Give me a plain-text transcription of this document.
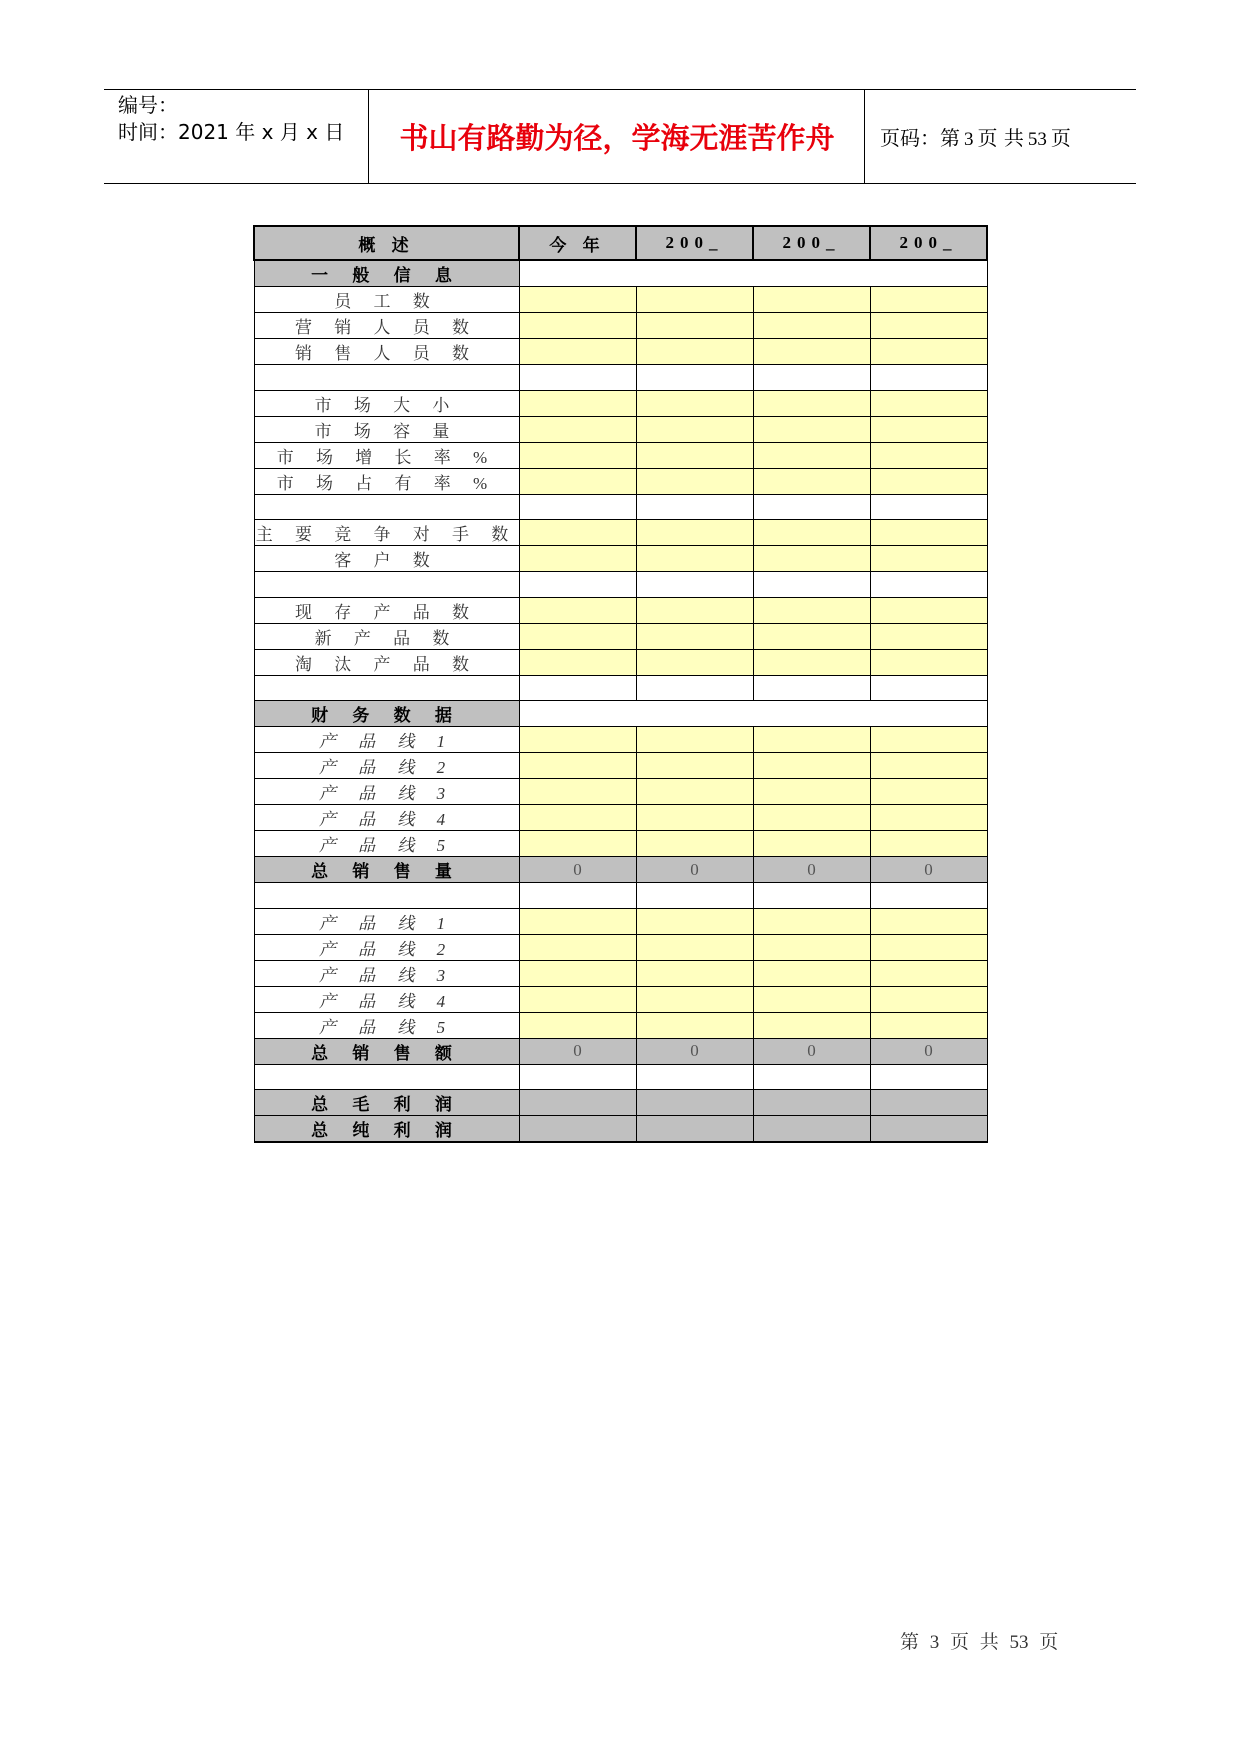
编号：
时间：2021 年 x 月 x 日	书山有路勤为径，学海无涯苦作舟	页码：第 3 页 共 53 页
概 述	今 年	200_	200_	200_
一 般 信 息				
员 工 数				
营 销 人 员 数				
销 售 人 员 数				

市 场 大 小				
市 场 容 量				
市 场 增 长 率 %				
市 场 占 有 率 %				

主 要 竞 争 对 手 数				
客 户 数				

现 存 产 品 数				
新 产 品 数				
淘 汰 产 品 数				

财 务 数 据				
产 品 线 1				
产 品 线 2				
产 品 线 3				
产 品 线 4				
产 品 线 5				
总 销 售 量	0	0	0	0

产 品 线 1				
产 品 线 2				
产 品 线 3				
产 品 线 4				
产 品 线 5				
总 销 售 额	0	0	0	0

总 毛 利 润				
总 纯 利 润				
第 3 页 共 53 页
